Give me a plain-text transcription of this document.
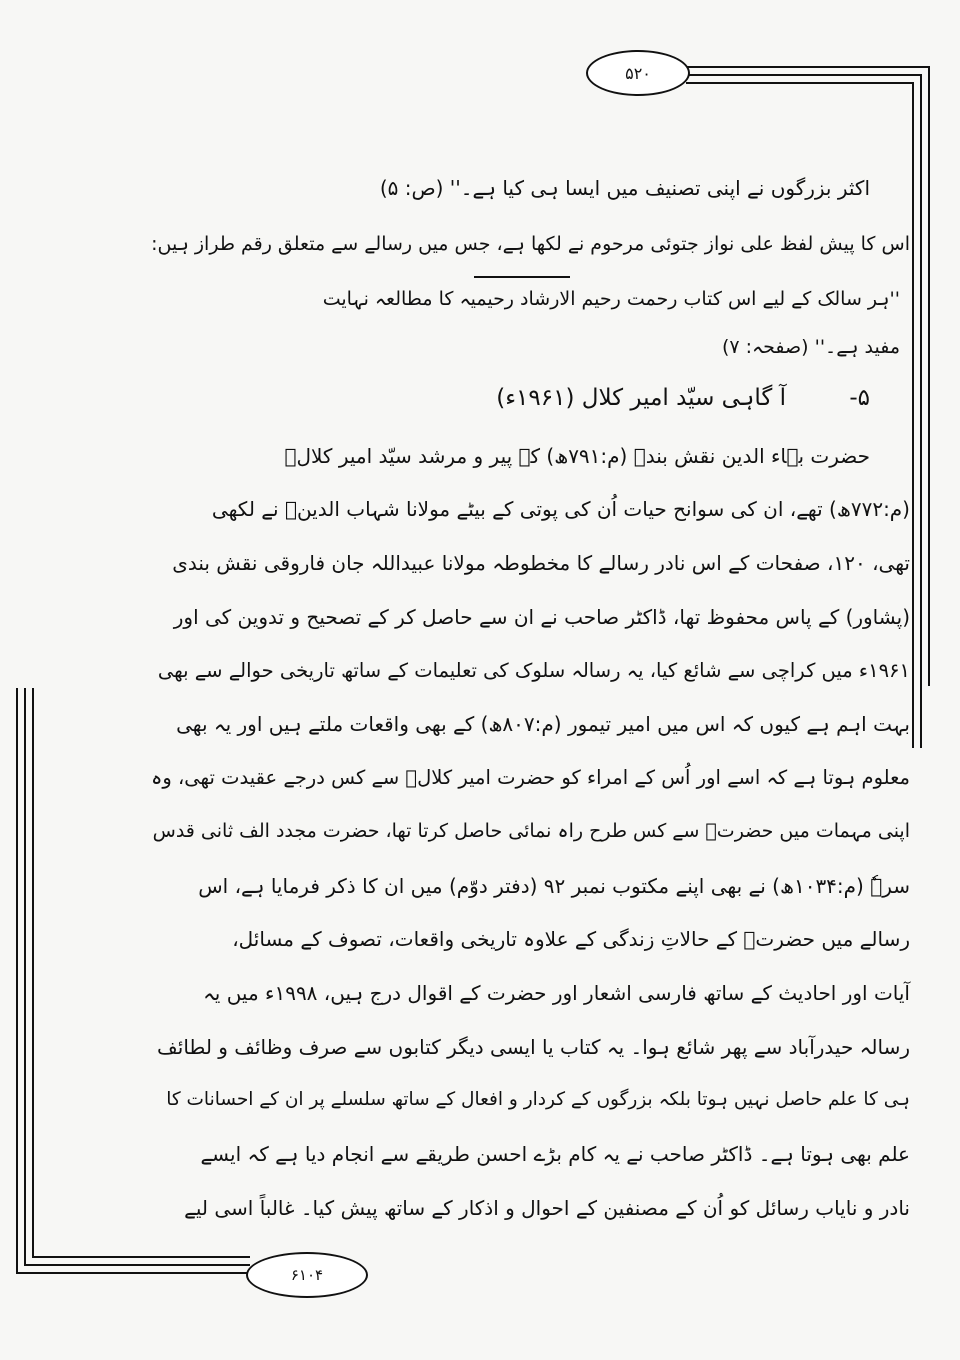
۵۲۰
۶۱۰۴
اکثر بزرگوں نے اپنی تصنیف میں ایسا ہی کیا ہے۔'' (ص: ۵)
اس کا پیش لفظ علی نواز جتوئی مرحوم نے لکھا ہے، جس میں رسالے سے متعلق رقم طراز ہیں:
''ہر سالک کے لیے اس کتاب رحمت رحیم الارشاد رحیمیہ کا مطالعہ نہایت
مفید ہے۔'' (صفحہ: ۷)
۵-
آ گاہی سیّد امیر کلال (۱۹۶۱ء)
حضرت بہاء الدین نقش بندؒ (م:۷۹۱ھ) کے پیر و مرشد سیّد امیر کلالؒ
(م:۷۷۲ھ) تھے، ان کی سوانح حیات اُن کی پوتی کے بیٹے مولانا شہاب الدینؒ نے لکھی
تھی، ۱۲۰، صفحات کے اس نادر رسالے کا مخطوطہ مولانا عبیداللہ جان فاروقی نقش بندی
(پشاور) کے پاس محفوظ تھا، ڈاکٹر صاحب نے ان سے حاصل کر کے تصحیح و تدوین کی اور
۱۹۶۱ء میں کراچی سے شائع کیا، یہ رسالہ سلوک کی تعلیمات کے ساتھ تاریخی حوالے سے بھی
بہت اہم ہے کیوں کہ اس میں امیر تیمور (م:۸۰۷ھ) کے بھی واقعات ملتے ہیں اور یہ بھی
معلوم ہوتا ہے کہ اسے اور اُس کے امراء کو حضرت امیر کلالؒ سے کس درجے عقیدت تھی، وہ
اپنی مہمات میں حضرتؒ سے کس طرح راہ نمائی حاصل کرتا تھا، حضرت مجدد الف ثانی قدس
سرہٗ (م:۱۰۳۴ھ) نے بھی اپنے مکتوب نمبر ۹۲ (دفتر دوّم) میں ان کا ذکر فرمایا ہے، اس
رسالے میں حضرتؒ کے حالاتِ زندگی کے علاوہ تاریخی واقعات، تصوف کے مسائل،
آیات اور احادیث کے ساتھ فارسی اشعار اور حضرت کے اقوال درج ہیں، ۱۹۹۸ء میں یہ
رسالہ حیدرآباد سے پھر شائع ہوا۔ یہ کتاب یا ایسی دیگر کتابوں سے صرف وظائف و لطائف
ہی کا علم حاصل نہیں ہوتا بلکہ بزرگوں کے کردار و افعال کے ساتھ سلسلے پر ان کے احسانات کا
علم بھی ہوتا ہے۔ ڈاکٹر صاحب نے یہ کام بڑے احسن طریقے سے انجام دیا ہے کہ ایسے
نادر و نایاب رسائل کو اُن کے مصنفین کے احوال و اذکار کے ساتھ پیش کیا۔ غالباً اسی لیے
